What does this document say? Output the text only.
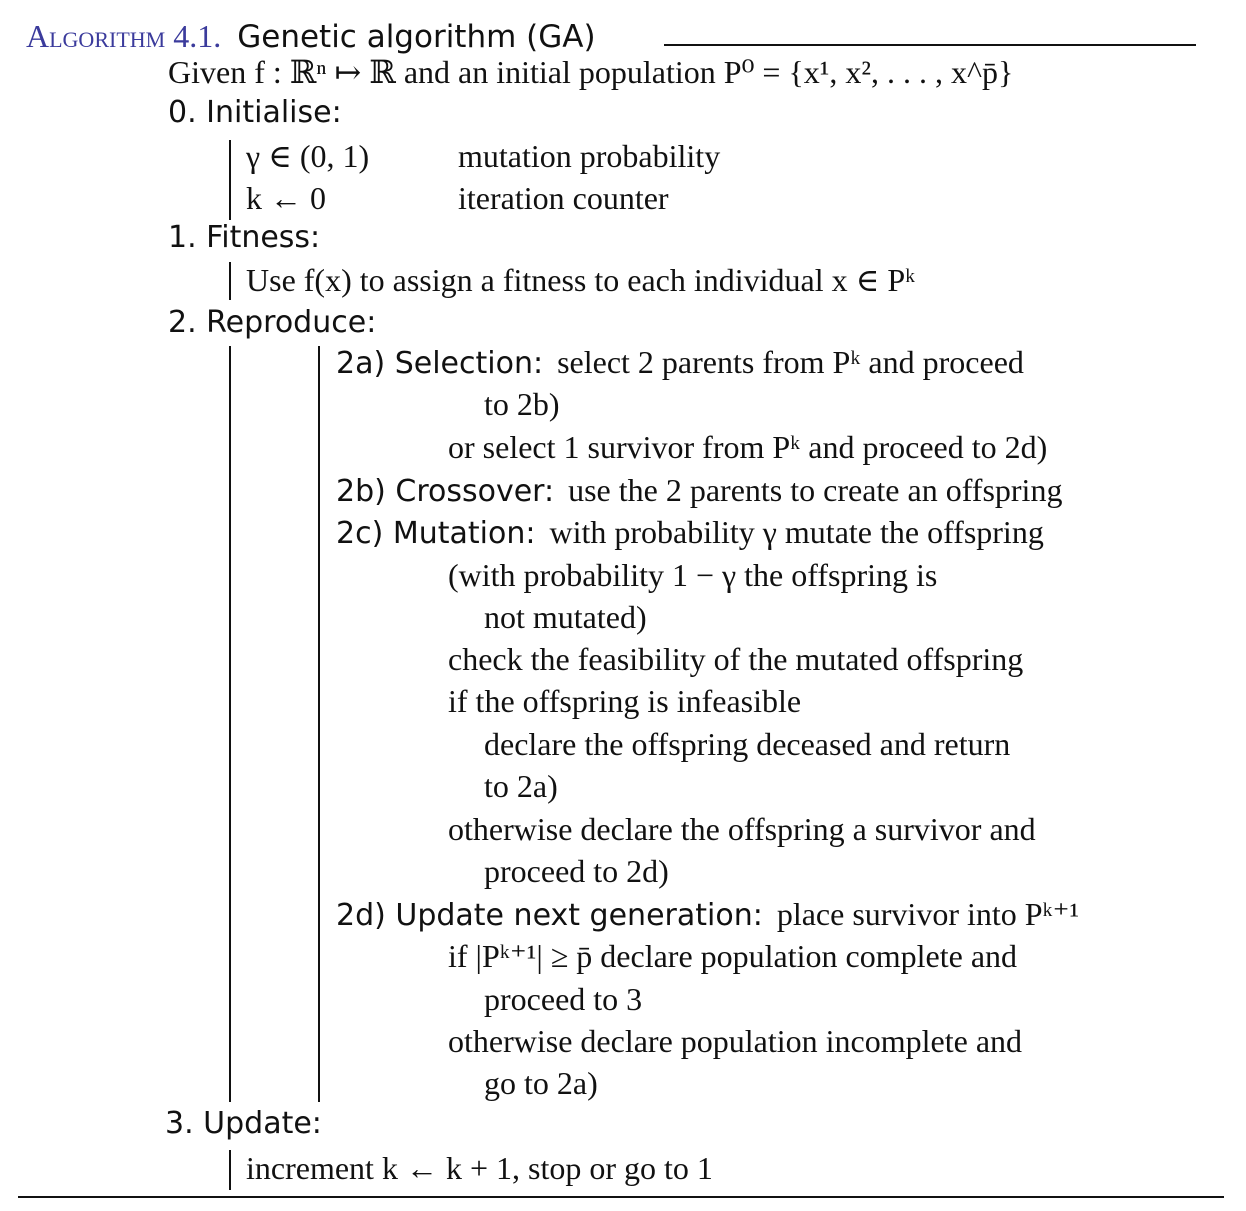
Algorithm 4.1. Genetic algorithm (GA)
Given f : ℝⁿ ↦ ℝ and an initial population P⁰ = {x¹, x², . . . , x^p̄}
0. Initialise:
γ ∈ (0, 1)	mutation probability
k ← 0	iteration counter
1. Fitness:
Use f(x) to assign a fitness to each individual x ∈ Pᵏ
2. Reproduce:
2a) Selection: select 2 parents from Pᵏ and proceed
to 2b)
or select 1 survivor from Pᵏ and proceed to 2d)
2b) Crossover: use the 2 parents to create an offspring
2c) Mutation: with probability γ mutate the offspring
(with probability 1 − γ the offspring is
not mutated)
check the feasibility of the mutated offspring
if the offspring is infeasible
declare the offspring deceased and return
to 2a)
otherwise declare the offspring a survivor and
proceed to 2d)
2d) Update next generation: place survivor into Pᵏ⁺¹
if |Pᵏ⁺¹| ≥ p̄ declare population complete and
proceed to 3
otherwise declare population incomplete and
go to 2a)
3. Update:
increment k ← k + 1, stop or go to 1
